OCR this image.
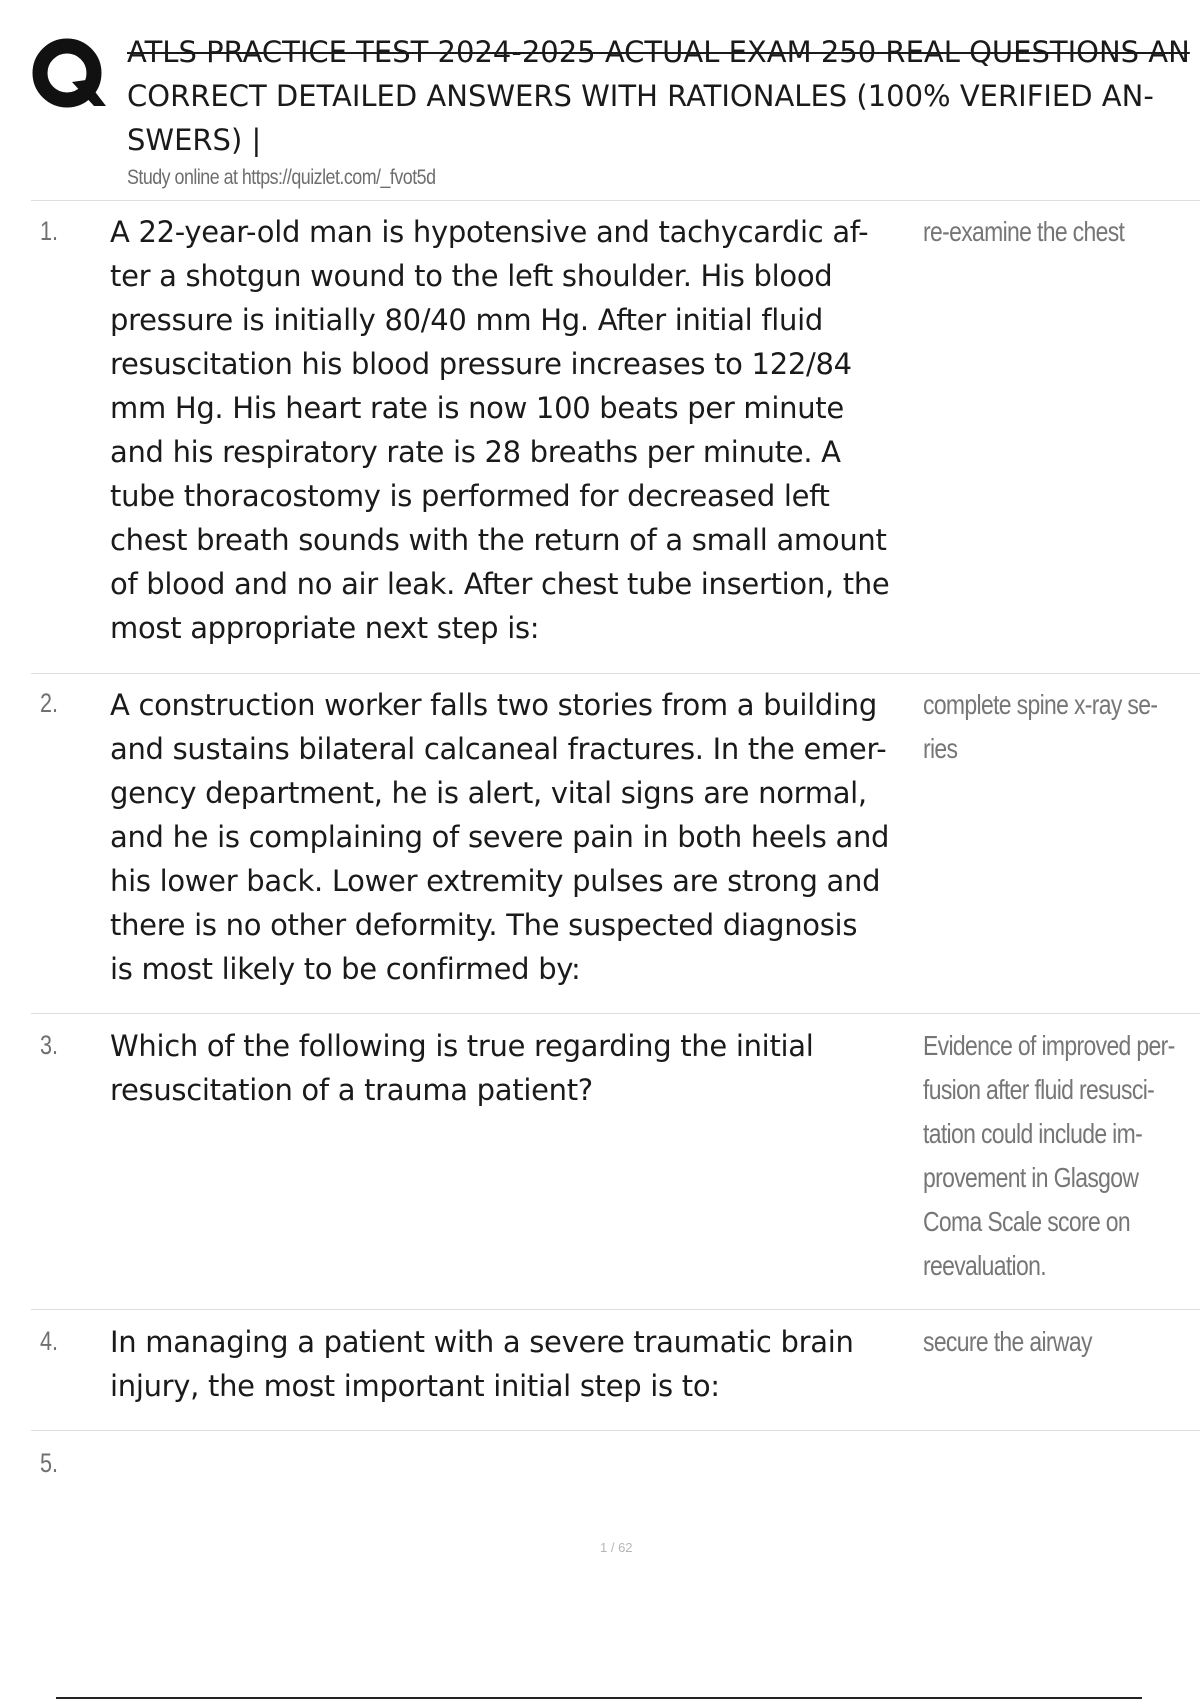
ATLS PRACTICE TEST 2024-2025 ACTUAL EXAM 250 REAL QUESTIONS AN
CORRECT DETAILED ANSWERS WITH RATIONALES (100% VERIFIED AN-
SWERS) |
Study online at https://quizlet.com/_fvot5d
1. A 22-year-old man is hypotensive and tachycardic af-
ter a shotgun wound to the left shoulder. His blood
pressure is initially 80/40 mm Hg. After initial fluid
resuscitation his blood pressure increases to 122/84
mm Hg. His heart rate is now 100 beats per minute
and his respiratory rate is 28 breaths per minute. A
tube thoracostomy is performed for decreased left
chest breath sounds with the return of a small amount
of blood and no air leak. After chest tube insertion, the
most appropriate next step is:
re-examine the chest
2. A construction worker falls two stories from a building
and sustains bilateral calcaneal fractures. In the emer-
gency department, he is alert, vital signs are normal,
and he is complaining of severe pain in both heels and
his lower back. Lower extremity pulses are strong and
there is no other deformity. The suspected diagnosis
is most likely to be confirmed by:
complete spine x-ray se-
ries
3. Which of the following is true regarding the initial
resuscitation of a trauma patient?
Evidence of improved per-
fusion after fluid resusci-
tation could include im-
provement in Glasgow
Coma Scale score on
reevaluation.
4. In managing a patient with a severe traumatic brain
injury, the most important initial step is to:
secure the airway
5.
1 / 62
